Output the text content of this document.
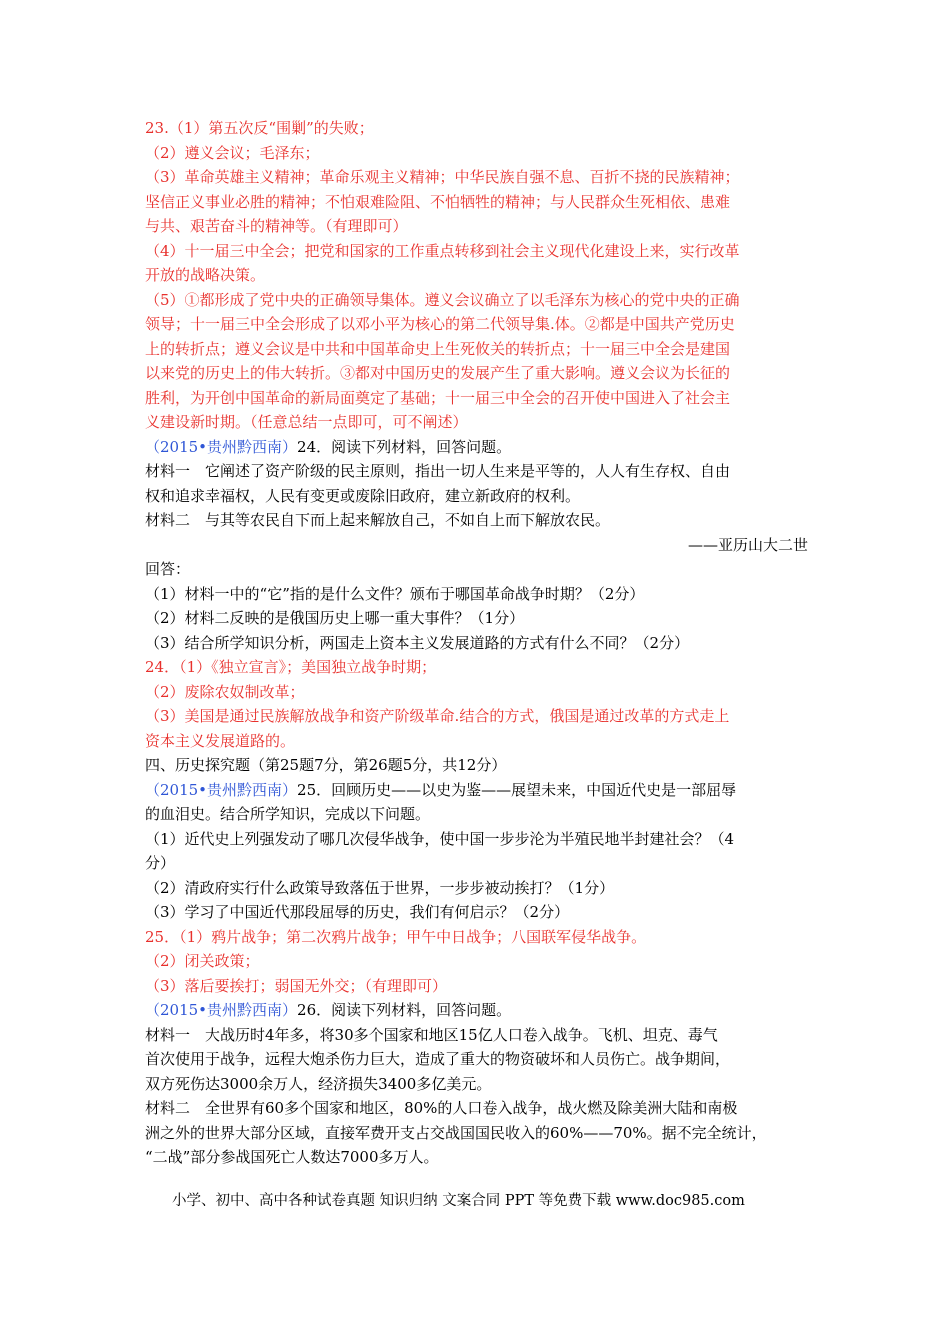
23.（1）第五次反“围剿”的失败；
（2）遵义会议；毛泽东；
（3）革命英雄主义精神；革命乐观主义精神；中华民族自强不息、百折不挠的民族精神；
坚信正义事业必胜的精神；不怕艰难险阻、不怕牺牲的精神；与人民群众生死相依、患难
与共、艰苦奋斗的精神等。（有理即可）
（4）十一届三中全会；把党和国家的工作重点转移到社会主义现代化建设上来，实行改革
开放的战略决策。
（5）①都形成了党中央的正确领导集体。遵义会议确立了以毛泽东为核心的党中央的正确
领导；十一届三中全会形成了以邓小平为核心的第二代领导集.体。②都是中国共产党历史
上的转折点；遵义会议是中共和中国革命史上生死攸关的转折点；十一届三中全会是建国
以来党的历史上的伟大转折。③都对中国历史的发展产生了重大影响。遵义会议为长征的
胜利，为开创中国革命的新局面奠定了基础；十一届三中全会的召开使中国进入了社会主
义建设新时期。（任意总结一点即可，可不阐述）
（2015•贵州黔西南）24．阅读下列材料，回答问题。
材料一　它阐述了资产阶级的民主原则，指出一切人生来是平等的，人人有生存权、自由
权和追求幸福权，人民有变更或废除旧政府，建立新政府的权利。
材料二　与其等农民自下而上起来解放自己，不如自上而下解放农民。
——亚历山大二世
回答：
（1）材料一中的“它”指的是什么文件？颁布于哪国革命战争时期？（2分）
（2）材料二反映的是俄国历史上哪一重大事件？（1分）
（3）结合所学知识分析，两国走上资本主义发展道路的方式有什么不同？（2分）
24．（1）《独立宣言》；美国独立战争时期；
（2）废除农奴制改革；
（3）美国是通过民族解放战争和资产阶级革命.结合的方式，俄国是通过改革的方式走上
资本主义发展道路的。
四、历史探究题（第25题7分，第26题5分，共12分）
（2015•贵州黔西南）25．回顾历史——以史为鉴——展望未来，中国近代史是一部屈辱
的血泪史。结合所学知识，完成以下问题。
（1）近代史上列强发动了哪几次侵华战争，使中国一步步沦为半殖民地半封建社会？（4
分）
（2）清政府实行什么政策导致落伍于世界，一步步被动挨打？（1分）
（3）学习了中国近代那段屈辱的历史，我们有何启示？（2分）
25．（1）鸦片战争；第二次鸦片战争；甲午中日战争；八国联军侵华战争。
（2）闭关政策；
（3）落后要挨打；弱国无外交；（有理即可）
（2015•贵州黔西南）26．阅读下列材料，回答问题。
材料一　大战历时4年多，将30多个国家和地区15亿人口卷入战争。飞机、坦克、毒气
首次使用于战争，远程大炮杀伤力巨大，造成了重大的物资破坏和人员伤亡。战争期间，
双方死伤达3000余万人，经济损失3400多亿美元。
材料二　全世界有60多个国家和地区，80%的人口卷入战争，战火燃及除美洲大陆和南极
洲之外的世界大部分区域，直接军费开支占交战国国民收入的60%——70%。据不完全统计，
“二战”部分参战国死亡人数达7000多万人。
小学、初中、高中各种试卷真题 知识归纳 文案合同 PPT 等免费下载 www.doc985.com
